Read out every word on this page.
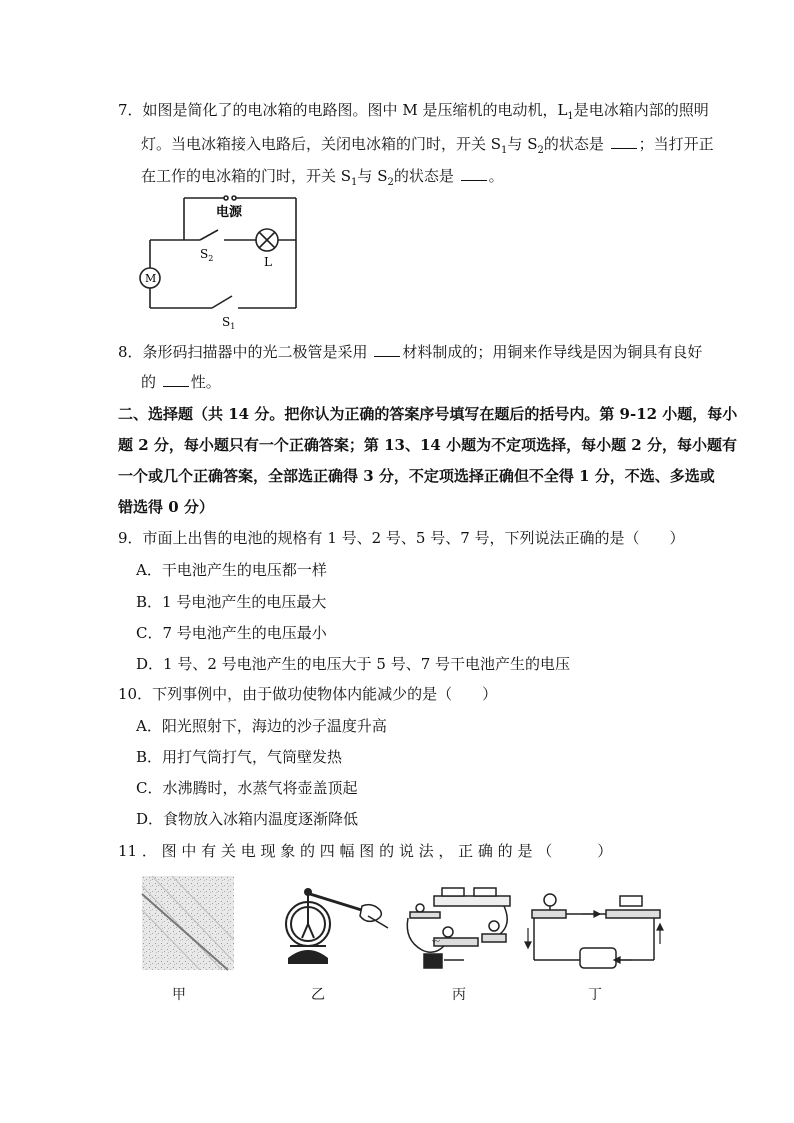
7．如图是简化了的电冰箱的电路图。图中 M 是压缩机的电动机，$L_1$是电冰箱内部的照明
灯。当电冰箱接入电路后，关闭电冰箱的门时，开关 $S_1$与 $S_2$的状态是 ；当打开正
在工作的电冰箱的门时，开关 $S_1$与 $S_2$的状态是 。
电源
$S_2$	L
M
$S_1$
8．条形码扫描器中的光二极管是采用 材料制成的；用铜来作导线是因为铜具有良好
的 性。
二、选择题（共 14 分。把你认为正确的答案序号填写在题后的括号内。第 9-12 小题，每小
题 2 分，每小题只有一个正确答案；第 13、14 小题为不定项选择，每小题 2 分，每小题有
一个或几个正确答案，全部选正确得 3 分，不定项选择正确但不全得 1 分，不选、多选或
错选得 0 分）
9．市面上出售的电池的规格有 1 号、2 号、5 号、7 号，下列说法正确的是（　　）
A．干电池产生的电压都一样
B．1 号电池产生的电压最大
C．7 号电池产生的电压最小
D．1 号、2 号电池产生的电压大于 5 号、7 号干电池产生的电压
10．下列事例中，由于做功使物体内能减少的是（　　）
A．阳光照射下，海边的沙子温度升高
B．用打气筒打气，气筒壁发热
C．水沸腾时，水蒸气将壶盖顶起
D．食物放入冰箱内温度逐渐降低
11 ． 图 中 有 关 电 现 象 的 四 幅 图 的 说 法 ， 正 确 的 是 （　　　）
〰
甲	乙	丙	丁
